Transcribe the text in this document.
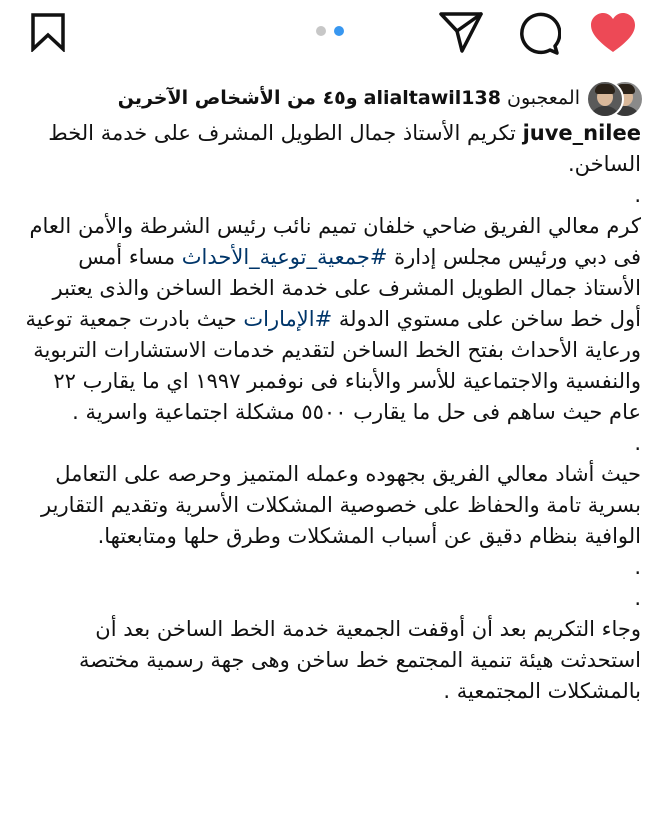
المعجبون alialtawil138 و٤٥ من الأشخاص الآخرين

juve_nilee تكريم الأستاذ جمال الطويل المشرف على خدمة الخط الساخن.

.

كرم معالي الفريق ضاحي خلفان تميم نائب رئيس الشرطة والأمن العام فى دبي ورئيس مجلس إدارة #جمعية_توعية_الأحداث مساء أمس الأستاذ جمال الطويل المشرف على خدمة الخط الساخن والذى يعتبر أول خط ساخن على مستوي الدولة #الإمارات حيث بادرت جمعية توعية ورعاية الأحداث بفتح الخط الساخن لتقديم خدمات الاستشارات التربوية والنفسية والاجتماعية للأسر والأبناء فى نوفمبر ١٩٩٧ اي ما يقارب ٢٢ عام حيث ساهم فى حل ما يقارب ٥٥٠٠ مشكلة اجتماعية واسرية .

.

حيث أشاد معالي الفريق بجهوده وعمله المتميز وحرصه على التعامل بسرية تامة والحفاظ على خصوصية المشكلات الأسرية وتقديم التقارير الوافية بنظام دقيق عن أسباب المشكلات وطرق حلها ومتابعتها.

.

.

وجاء التكريم بعد أن أوقفت الجمعية خدمة الخط الساخن بعد أن استحدثت هيئة تنمية المجتمع خط ساخن وهى جهة رسمية مختصة بالمشكلات المجتمعية .
